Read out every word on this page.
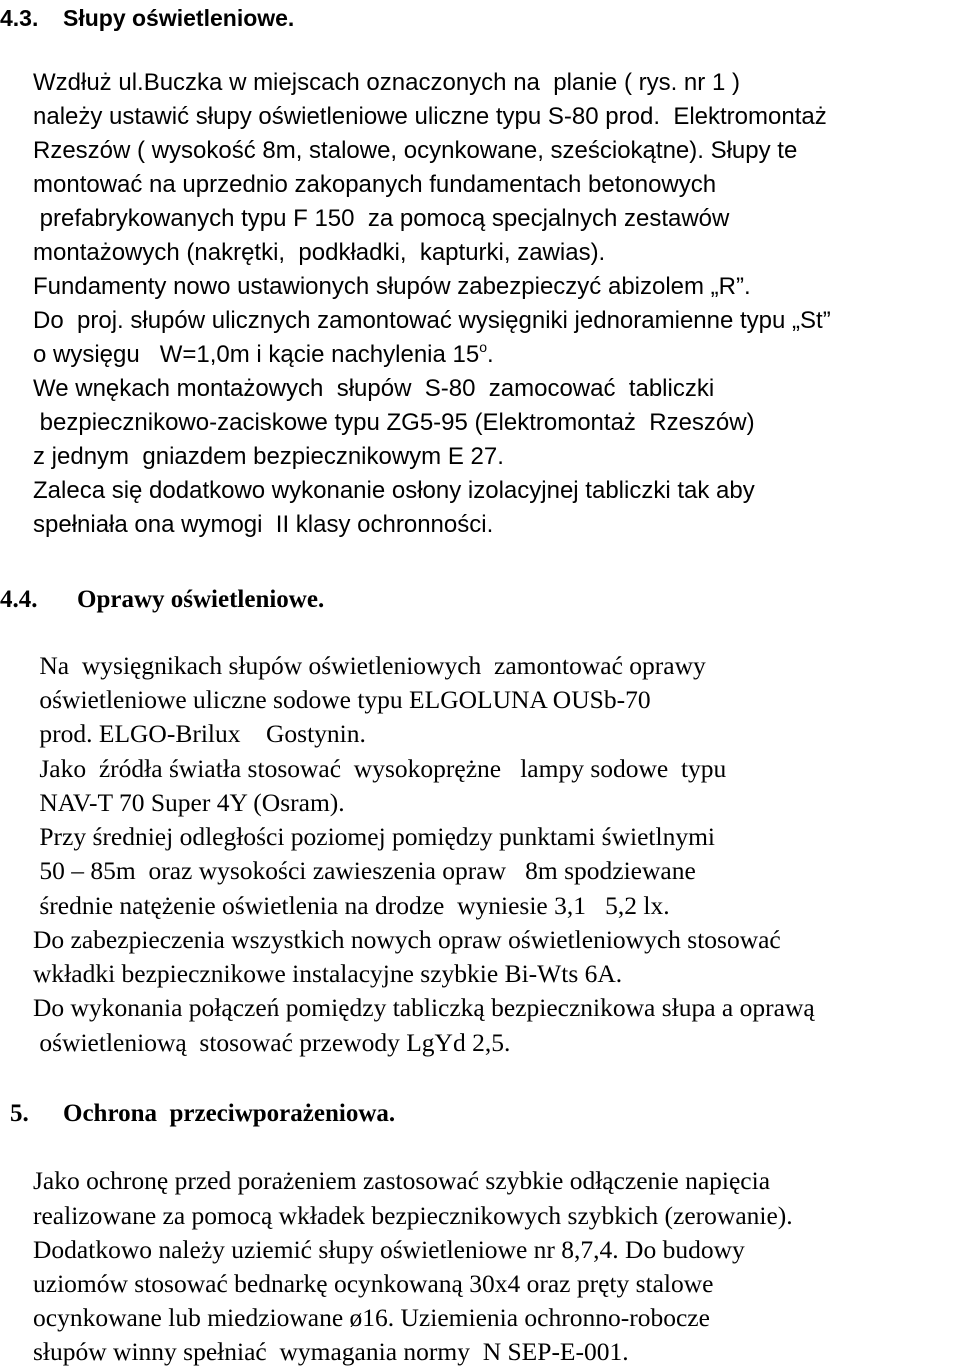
4.3. Słupy oświetleniowe.
Wzdłuż ul.Buczka w miejscach oznaczonych na  planie ( rys. nr 1 )
należy ustawić słupy oświetleniowe uliczne typu S-80 prod.  Elektromontaż
Rzeszów ( wysokość 8m, stalowe, ocynkowane, sześciokątne). Słupy te
montować na uprzednio zakopanych fundamentach betonowych
prefabrykowanych typu F 150  za pomocą specjalnych zestawów
montażowych (nakrętki,  podkładki,  kapturki, zawias).
Fundamenty nowo ustawionych słupów zabezpieczyć abizolem „R”.
Do  proj. słupów ulicznych zamontować wysięgniki jednoramienne typu „St”
o wysięgu   W=1,0m i kącie nachylenia 15$^o$.
We wnękach montażowych  słupów  S-80  zamocować  tabliczki
bezpiecznikowo-zaciskowe typu ZG5-95 (Elektromontaż  Rzeszów)
z jednym  gniazdem bezpiecznikowym E 27.
Zaleca się dodatkowo wykonanie osłony izolacyjnej tabliczki tak aby
spełniała ona wymogi  II klasy ochronności.
4.4. Oprawy oświetleniowe.
Na  wysięgnikach słupów oświetleniowych  zamontować oprawy
oświetleniowe uliczne sodowe typu ELGOLUNA OUSb-70
prod. ELGO-Brilux    Gostynin.
Jako  źródła światła stosować  wysokoprężne   lampy sodowe  typu
NAV-T 70 Super 4Y (Osram).
Przy średniej odległości poziomej pomiędzy punktami świetlnymi
50 – 85m  oraz wysokości zawieszenia opraw   8m spodziewane
średnie natężenie oświetlenia na drodze  wyniesie 3,1   5,2 lx.
Do zabezpieczenia wszystkich nowych opraw oświetleniowych stosować
wkładki bezpiecznikowe instalacyjne szybkie Bi-Wts 6A.
Do wykonania połączeń pomiędzy tabliczką bezpiecznikowa słupa a oprawą
oświetleniową  stosować przewody LgYd 2,5.
5. Ochrona  przeciwporażeniowa.
Jako ochronę przed porażeniem zastosować szybkie odłączenie napięcia
realizowane za pomocą wkładek bezpiecznikowych szybkich (zerowanie).
Dodatkowo należy uziemić słupy oświetleniowe nr 8,7,4. Do budowy
uziomów stosować bednarkę ocynkowaną 30x4 oraz pręty stalowe
ocynkowane lub miedziowane ø16. Uziemienia ochronno-robocze
słupów winny spełniać  wymagania normy  N SEP-E-001.
